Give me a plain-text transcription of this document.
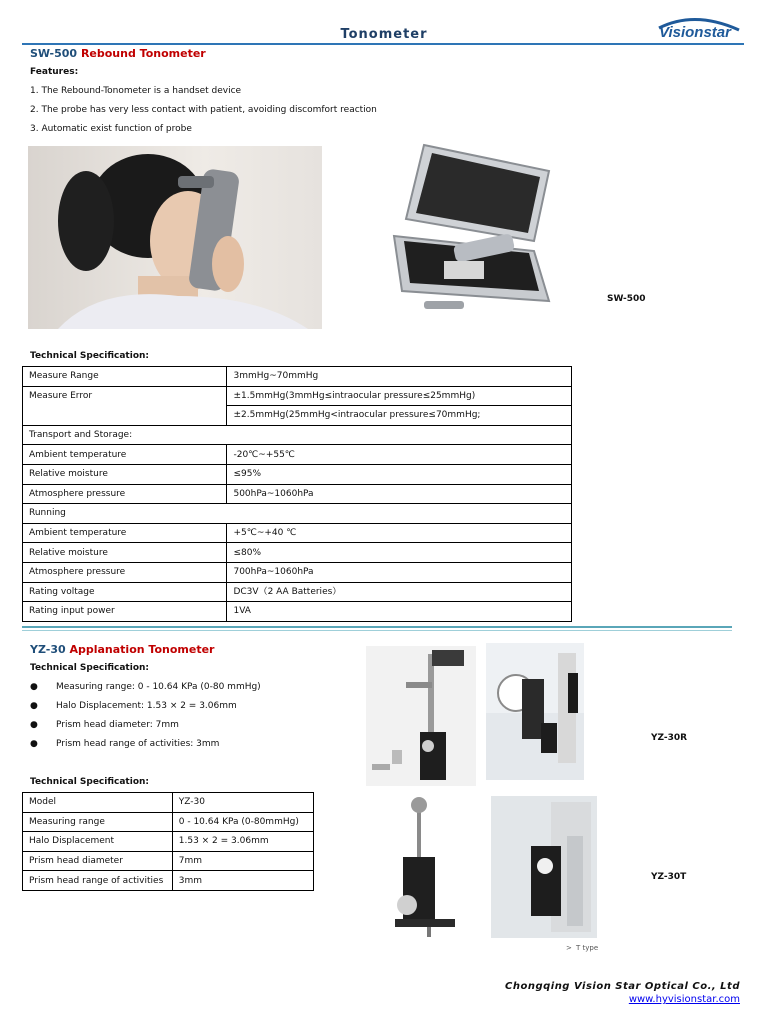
Tonometer	Visionstar
SW-500 Rebound Tonometer
Features:
1. The Rebound-Tonometer is a handset device
2. The probe has very less contact with patient, avoiding discomfort reaction
3. Automatic exist function of probe
SW-500
Technical Specification:
Measure Range	3mmHg~70mmHg
Measure Error	±1.5mmHg(3mmHg≤intraocular pressure≤25mmHg)
	±2.5mmHg(25mmHg<intraocular pressure≤70mmHg;
Transport and Storage:	
Ambient temperature	-20℃~+55℃
Relative moisture	≤95%
Atmosphere pressure	500hPa~1060hPa
Running	
Ambient temperature	+5℃~+40 ℃
Relative moisture	≤80%
Atmosphere pressure	700hPa~1060hPa
Rating voltage	DC3V（2 AA Batteries）
Rating input power	1VA
YZ-30 Applanation Tonometer
Technical Specification:
● Measuring range: 0 - 10.64 KPa (0-80 mmHg)
● Halo Displacement: 1.53 × 2 = 3.06mm
● Prism head diameter: 7mm
● Prism head range of activities: 3mm
Technical Specification:
Model	YZ-30
Measuring range	0 - 10.64 KPa (0-80mmHg)
Halo Displacement	1.53 × 2 = 3.06mm
Prism head diameter	7mm
Prism head range of activities	3mm
YZ-30R
> T type
YZ-30T
Chongqing Vision Star Optical Co., Ltd
www.hyvisionstar.com
